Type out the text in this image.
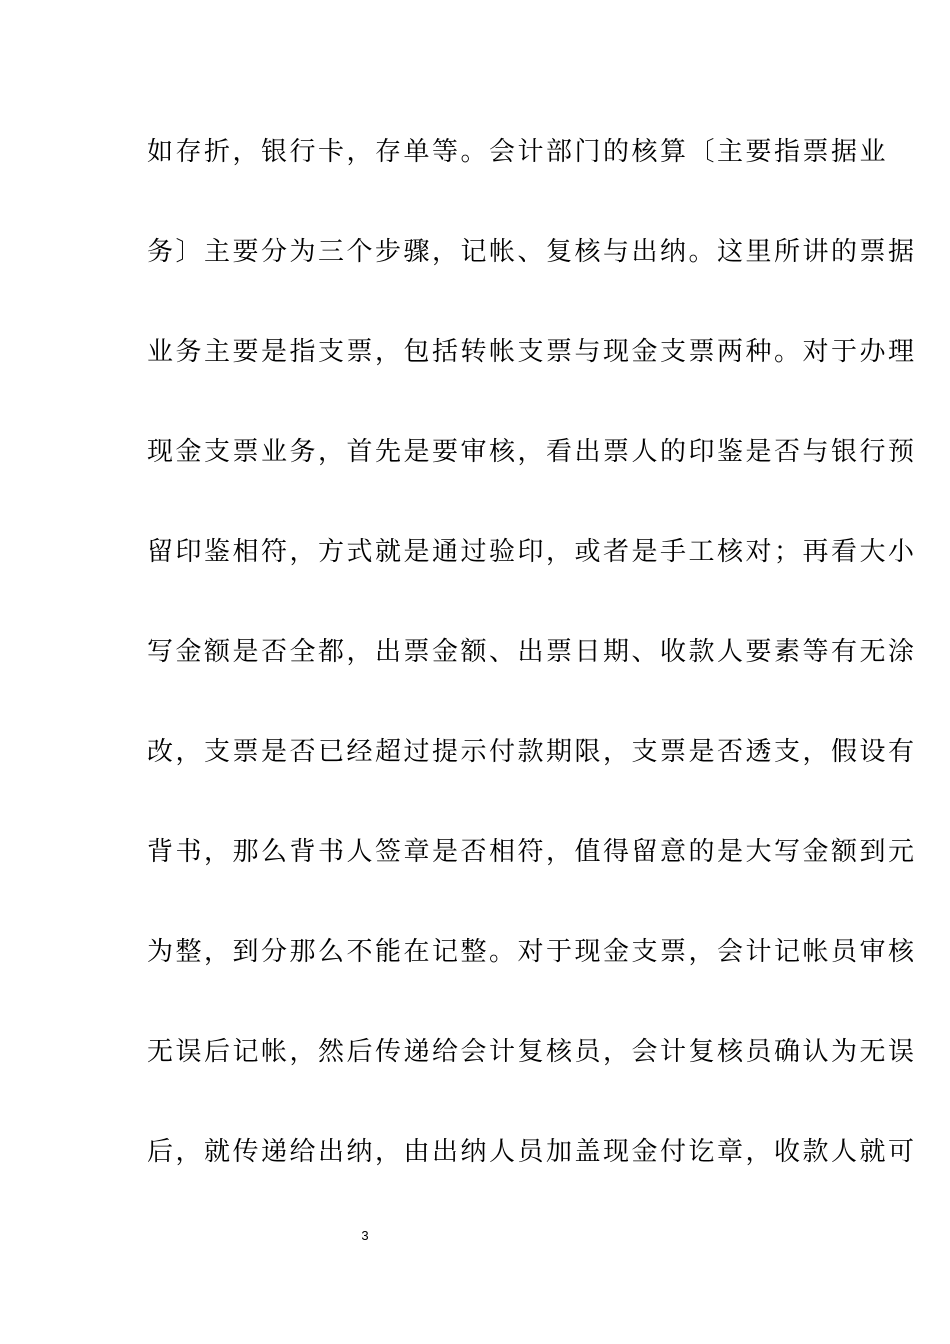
如存折，银行卡，存单等。会计部门的核算〔主要指票据业
务〕主要分为三个步骤，记帐、复核与出纳。这里所讲的票据
业务主要是指支票，包括转帐支票与现金支票两种。对于办理
现金支票业务，首先是要审核，看出票人的印鉴是否与银行预
留印鉴相符，方式就是通过验印，或者是手工核对；再看大小
写金额是否全都，出票金额、出票日期、收款人要素等有无涂
改，支票是否已经超过提示付款期限，支票是否透支，假设有
背书，那么背书人签章是否相符，值得留意的是大写金额到元
为整，到分那么不能在记整。对于现金支票，会计记帐员审核
无误后记帐，然后传递给会计复核员，会计复核员确认为无误
后，就传递给出纳，由出纳人员加盖现金付讫章，收款人就可
3
